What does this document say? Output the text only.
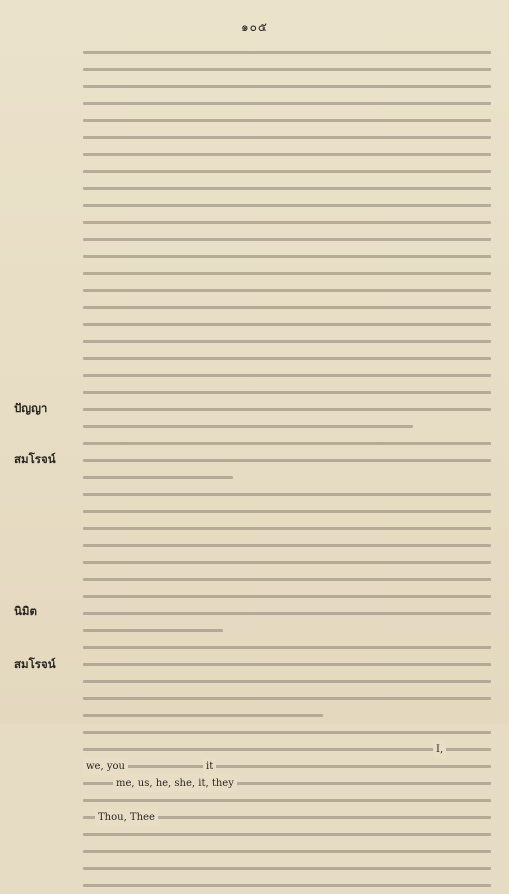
๑๐๕
ปัญญา
สมโรจน์
นิมิต
สมโรจน์
I,
we, you	it
me, us, he, she, it, they
Thou, Thee
